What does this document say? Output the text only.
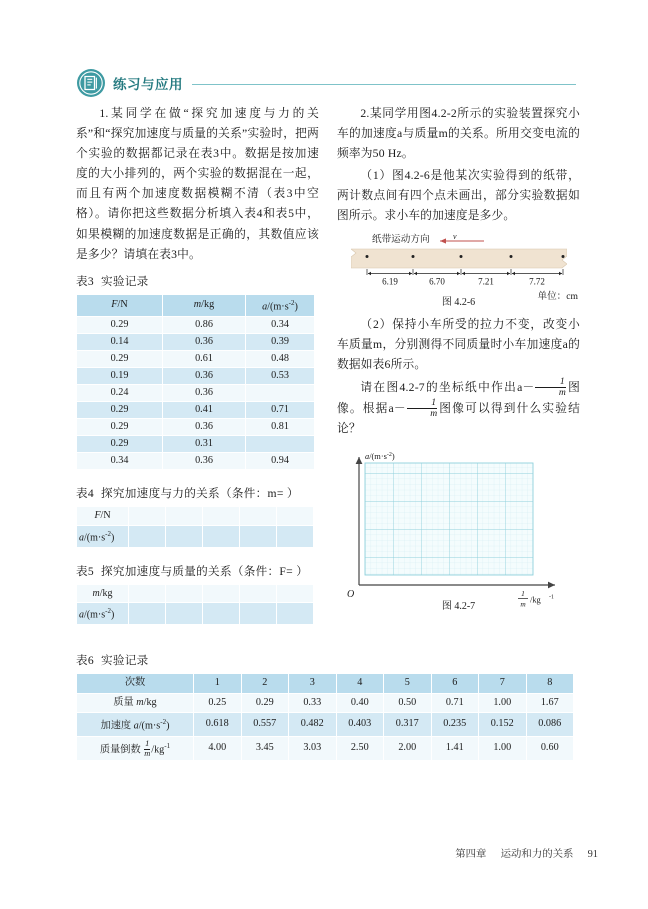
练习与应用

1.某同学在做“探究加速度与力的关系”和“探究加速度与质量的关系”实验时，把两个实验的数据都记录在表3中。数据是按加速度的大小排列的，两个实验的数据混在一起，而且有两个加速度数据模糊不清（表3中空格）。请你把这些数据分析填入表4和表5中，如果模糊的加速度数据是正确的，其数值应该是多少？请填在表3中。

表3 实验记录
F/N	m/kg	$a/(m\cdot s^{-2})$
0.29	0.86	0.34
0.14	0.36	0.39
0.29	0.61	0.48
0.19	0.36	0.53
0.24	0.36	
0.29	0.41	0.71
0.29	0.36	0.81
0.29	0.31	
0.34	0.36	0.94
表4 探究加速度与力的关系（条件：m= ）
F/N					
$a/(m\cdot s^{-2})$					
表5 探究加速度与质量的关系（条件：F= ）
m/kg					
$a/(m\cdot s^{-2})$					

2.某同学用图4.2-2所示的实验装置探究小车的加速度a与质量m的关系。所用交变电流的频率为50 Hz。

（1）图4.2-6是他某次实验得到的纸带，两计数点间有四个点未画出，部分实验数据如图所示。求小车的加速度是多少。

纸带运动方向	v
6.19	6.70	7.21	7.72
单位：cm
图 4.2-6

（2）保持小车所受的拉力不变，改变小车质量m，分别测得不同质量时小车加速度a的数据如表6所示。

请在图4.2-7的坐标纸中作出$a- \frac{1}{m}$ 图像。根据$a- \frac{1}{m}$ 图像可以得到什么实验结论？

$a/(m\cdot s^{-2})$
O	1
m /kg -1
图 4.2-7
表6 实验记录
次数	1	2	3	4	5	6	7	8
质量 m/kg	0.25	0.29	0.33	0.40	0.50	0.71	1.00	1.67
加速度 $a/(m\cdot s^{-2})$	0.618	0.557	0.482	0.403	0.317	0.235	0.152	0.086
质量倒数 $\frac{1}{m} /kg^{-1}$	4.00	3.45	3.03	2.50	2.00	1.41	1.00	0.60
第四章 运动和力的关系 91
